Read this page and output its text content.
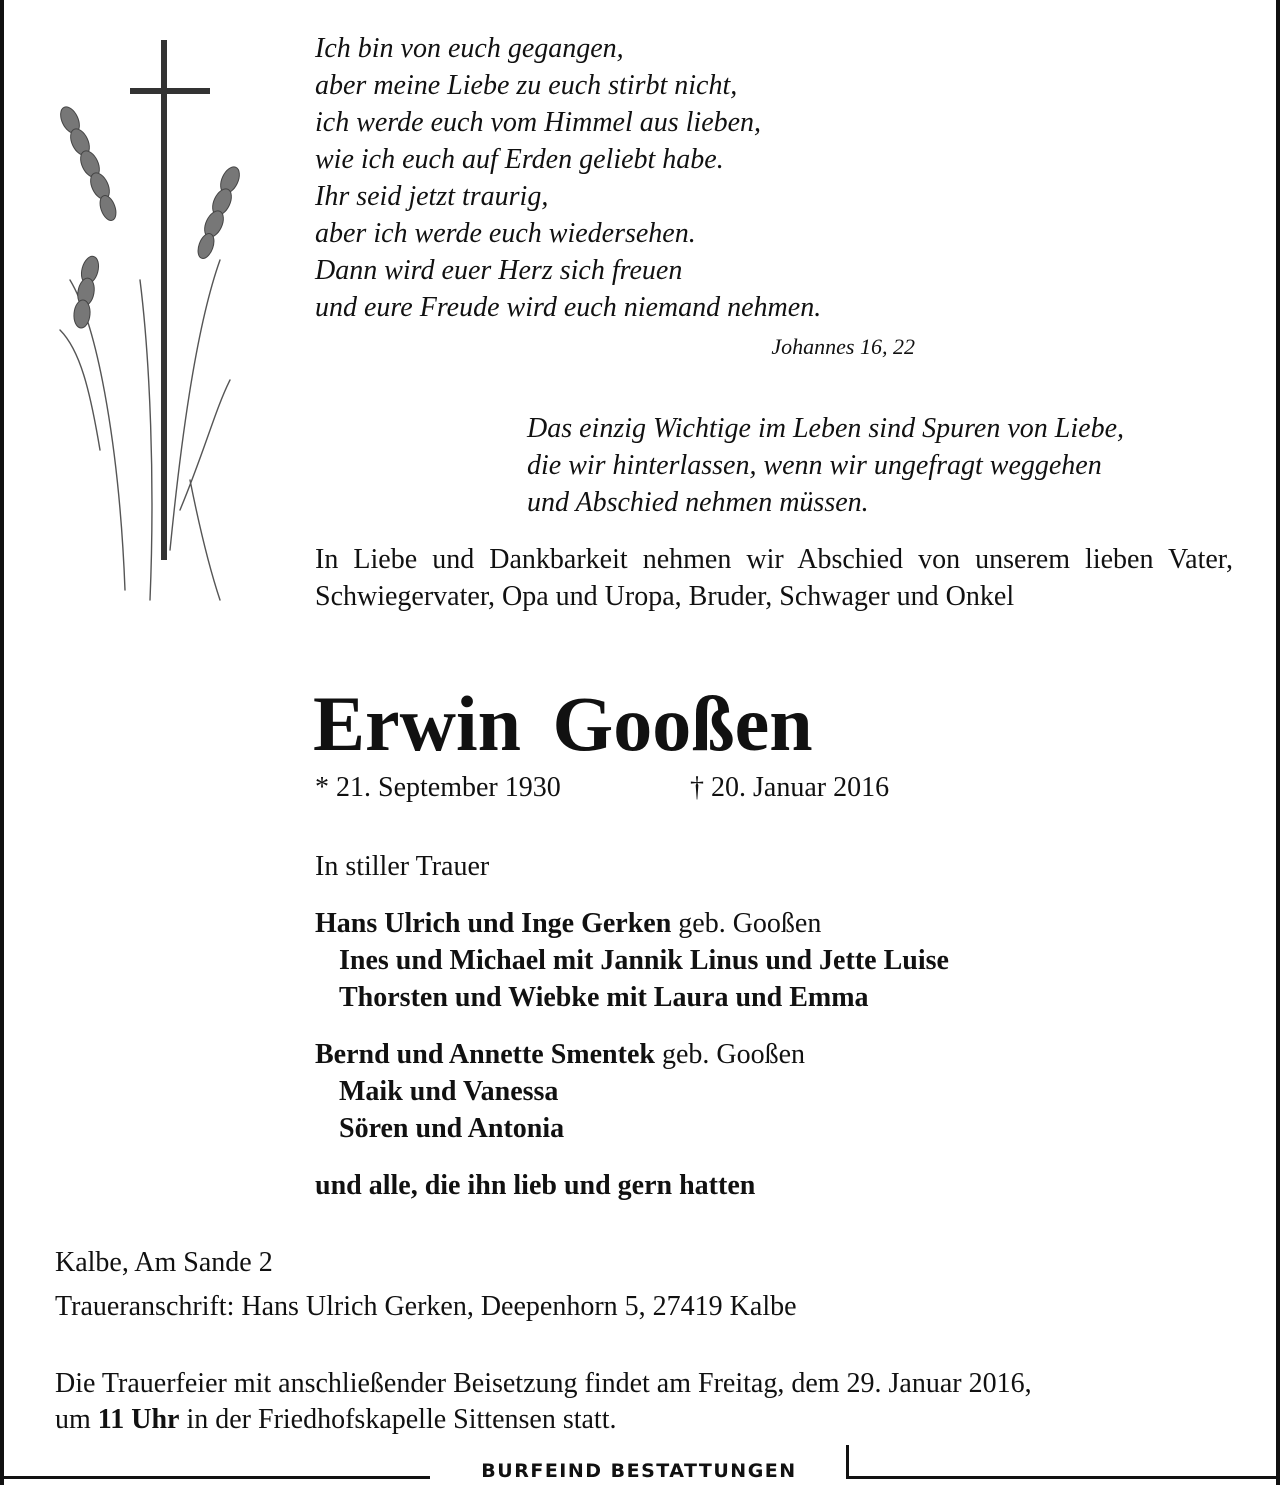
Ich bin von euch gegangen,
aber meine Liebe zu euch stirbt nicht,
ich werde euch vom Himmel aus lieben,
wie ich euch auf Erden geliebt habe.
Ihr seid jetzt traurig,
aber ich werde euch wiedersehen.
Dann wird euer Herz sich freuen
und eure Freude wird euch niemand nehmen.
Johannes 16, 22
Das einzig Wichtige im Leben sind Spuren von Liebe,
die wir hinterlassen, wenn wir ungefragt weggehen
und Abschied nehmen müssen.
In Liebe und Dankbarkeit nehmen wir Abschied von unserem lieben Vater, Schwiegervater, Opa und Uropa, Bruder, Schwager und Onkel
Erwin Gooßen
* 21. September 1930	† 20. Januar 2016
In stiller Trauer
Hans Ulrich und Inge Gerken geb. Gooßen
Ines und Michael mit Jannik Linus und Jette Luise
Thorsten und Wiebke mit Laura und Emma
Bernd und Annette Smentek geb. Gooßen
Maik und Vanessa
Sören und Antonia
und alle, die ihn lieb und gern hatten
Kalbe, Am Sande 2
Traueranschrift: Hans Ulrich Gerken, Deepenhorn 5, 27419 Kalbe
Die Trauerfeier mit anschließender Beisetzung findet am Freitag, dem 29. Januar 2016,
um 11 Uhr in der Friedhofskapelle Sittensen statt.
BURFEIND BESTATTUNGEN
